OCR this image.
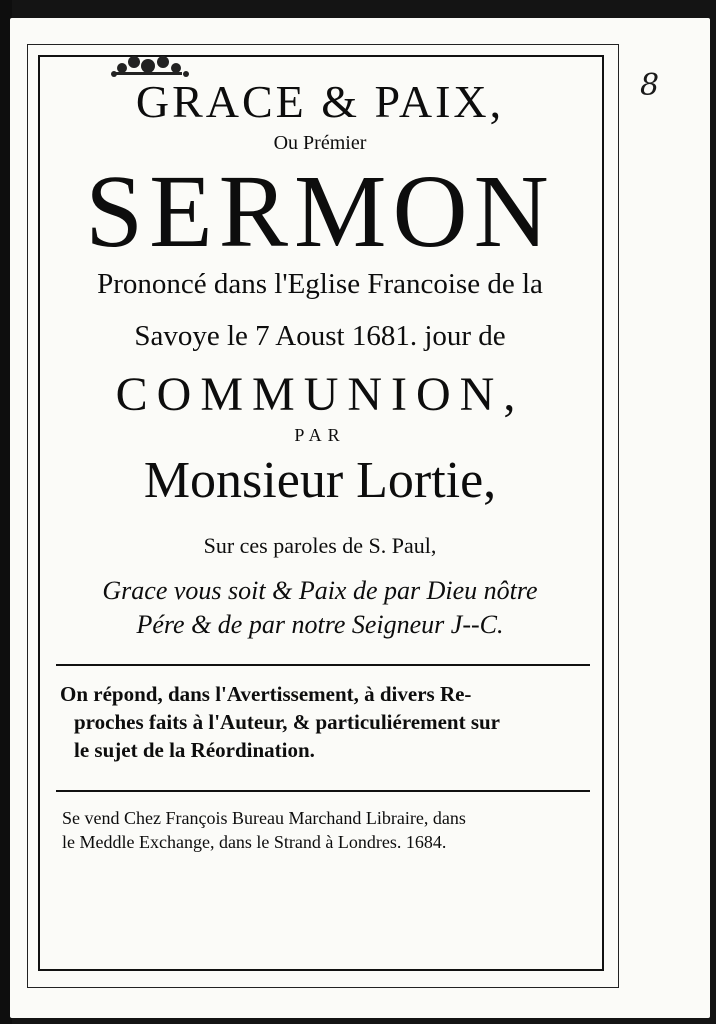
8
GRACE & PAIX,
Ou Prémier
SERMON
Prononcé dans l'Eglise Francoise de la
Savoye le 7 Aoust 1681. jour de
COMMUNION,
PAR
Monsieur Lortie,
Sur ces paroles de S. Paul,
Grace vous soit & Paix de par Dieu nôtre
Pére & de par notre Seigneur J--C.
On répond, dans l'Avertissement, à divers Re-
proches faits à l'Auteur, & particuliérement sur
le sujet de la Réordination.
Se vend Chez François Bureau Marchand Libraire, dans
le Meddle Exchange, dans le Strand à Londres. 1684.
